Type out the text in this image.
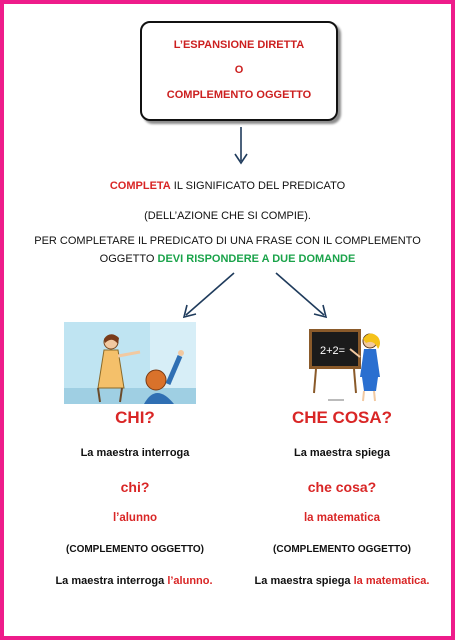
L’ESPANSIONE DIRETTA
O
COMPLEMENTO OGGETTO
COMPLETA IL SIGNIFICATO DEL PREDICATO
(DELL’AZIONE CHE SI COMPIE).
PER COMPLETARE IL PREDICATO DI UNA FRASE CON IL COMPLEMENTO
OGGETTO DEVI RISPONDERE A DUE DOMANDE
2+2=
CHI?
La maestra interroga
chi?
l’alunno
(COMPLEMENTO OGGETTO)
La maestra interroga l’alunno.
CHE COSA?
La maestra spiega
che cosa?
la matematica
(COMPLEMENTO OGGETTO)
La maestra spiega la matematica.
